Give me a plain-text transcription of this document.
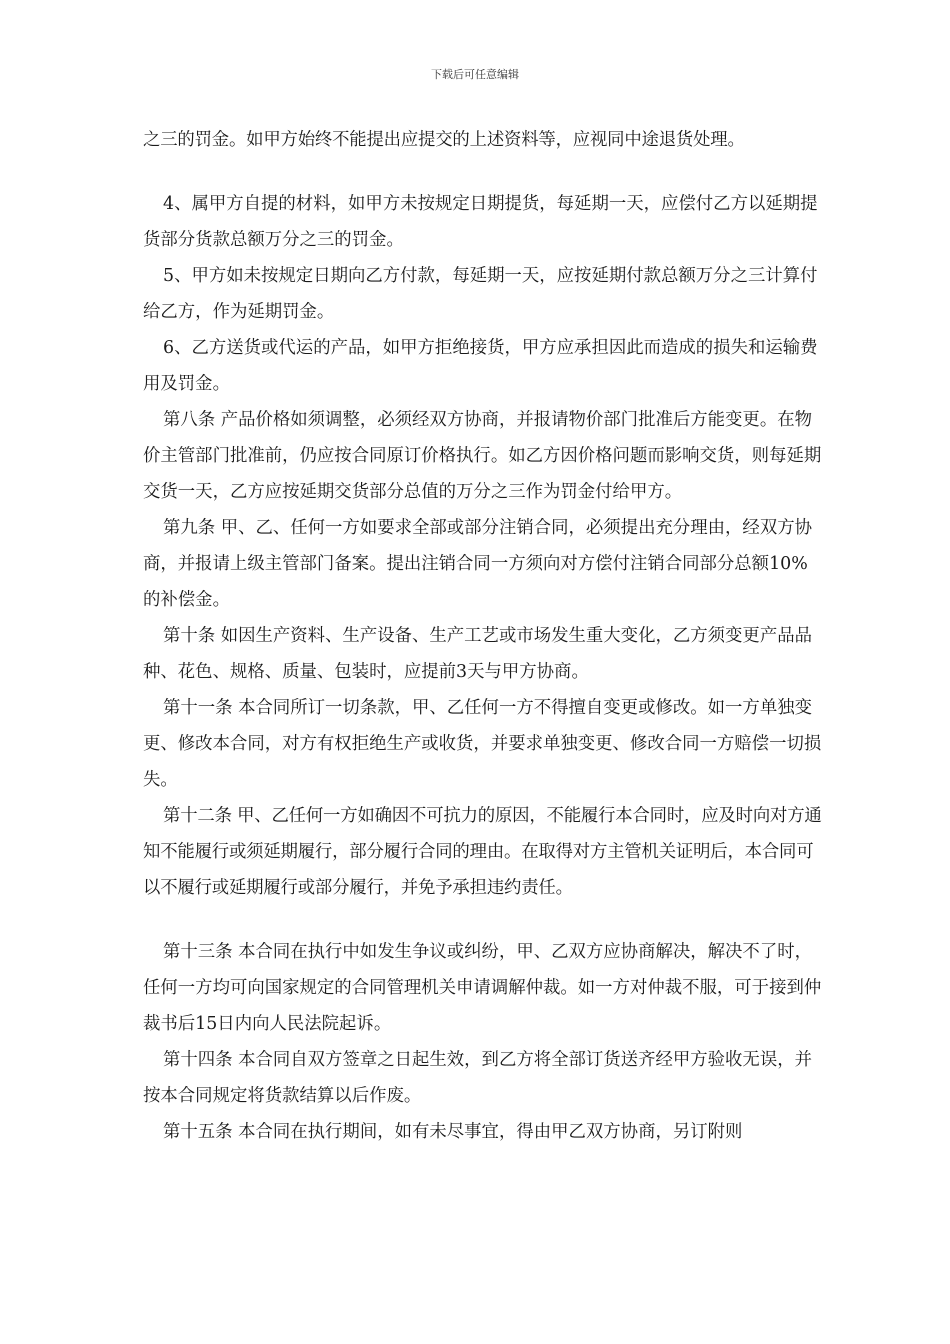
下载后可任意编辑

之三的罚金。如甲方始终不能提出应提交的上述资料等，应视同中途退货处理。

4、属甲方自提的材料，如甲方未按规定日期提货，每延期一天，应偿付乙方以延期提货部分货款总额万分之三的罚金。

5、甲方如未按规定日期向乙方付款，每延期一天，应按延期付款总额万分之三计算付给乙方，作为延期罚金。

6、乙方送货或代运的产品，如甲方拒绝接货，甲方应承担因此而造成的损失和运输费用及罚金。

第八条 产品价格如须调整，必须经双方协商，并报请物价部门批准后方能变更。在物价主管部门批准前，仍应按合同原订价格执行。如乙方因价格问题而影响交货，则每延期交货一天，乙方应按延期交货部分总值的万分之三作为罚金付给甲方。

第九条 甲、乙、任何一方如要求全部或部分注销合同，必须提出充分理由，经双方协商，并报请上级主管部门备案。提出注销合同一方须向对方偿付注销合同部分总额10%的补偿金。

第十条 如因生产资料、生产设备、生产工艺或市场发生重大变化，乙方须变更产品品种、花色、规格、质量、包装时，应提前3天与甲方协商。

第十一条 本合同所订一切条款，甲、乙任何一方不得擅自变更或修改。如一方单独变更、修改本合同，对方有权拒绝生产或收货，并要求单独变更、修改合同一方赔偿一切损失。

第十二条 甲、乙任何一方如确因不可抗力的原因，不能履行本合同时，应及时向对方通知不能履行或须延期履行，部分履行合同的理由。在取得对方主管机关证明后，本合同可以不履行或延期履行或部分履行，并免予承担违约责任。

第十三条 本合同在执行中如发生争议或纠纷，甲、乙双方应协商解决，解决不了时，任何一方均可向国家规定的合同管理机关申请调解仲裁。如一方对仲裁不服，可于接到仲裁书后15日内向人民法院起诉。

第十四条 本合同自双方签章之日起生效，到乙方将全部订货送齐经甲方验收无误，并按本合同规定将货款结算以后作废。

第十五条 本合同在执行期间，如有未尽事宜，得由甲乙双方协商，另订附则
